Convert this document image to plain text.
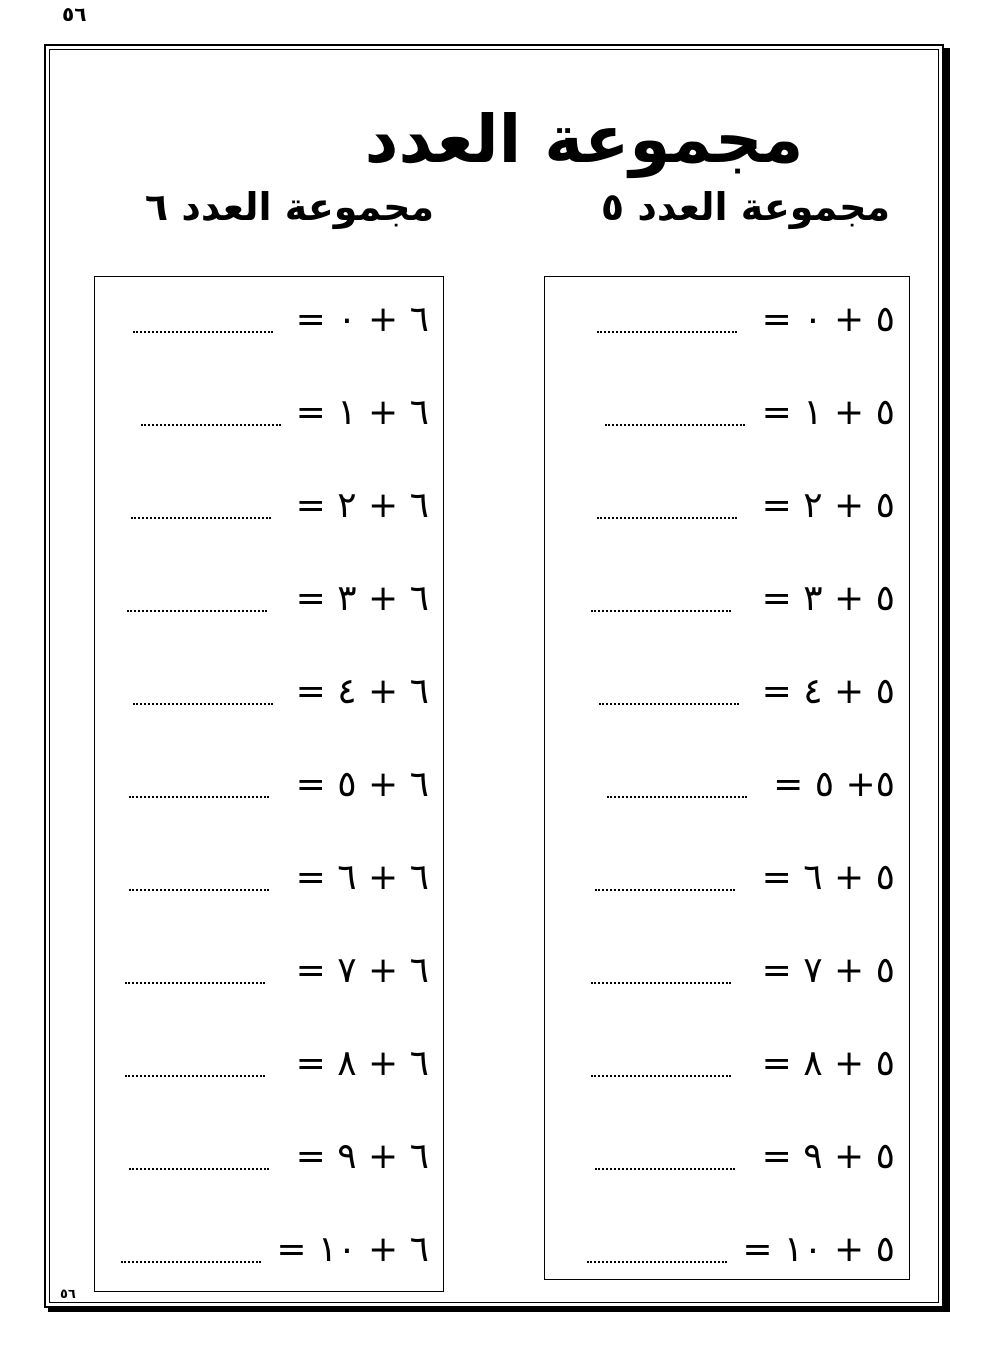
٥٦
مجموعة العدد
مجموعة العدد ٥
مجموعة العدد ٦
٥ + ٠ =
٥ + ١ =
٥ + ٢ =
٥ + ٣ =
٥ + ٤ =
٥+ ٥ =
٥ + ٦ =
٥ + ٧ =
٥ + ٨ =
٥ + ٩ =
٥ + ١٠ =
٦ + ٠ =
٦ + ١ =
٦ + ٢ =
٦ + ٣ =
٦ + ٤ =
٦ + ٥ =
٦ + ٦ =
٦ + ٧ =
٦ + ٨ =
٦ + ٩ =
٦ + ١٠ =
٥٦
